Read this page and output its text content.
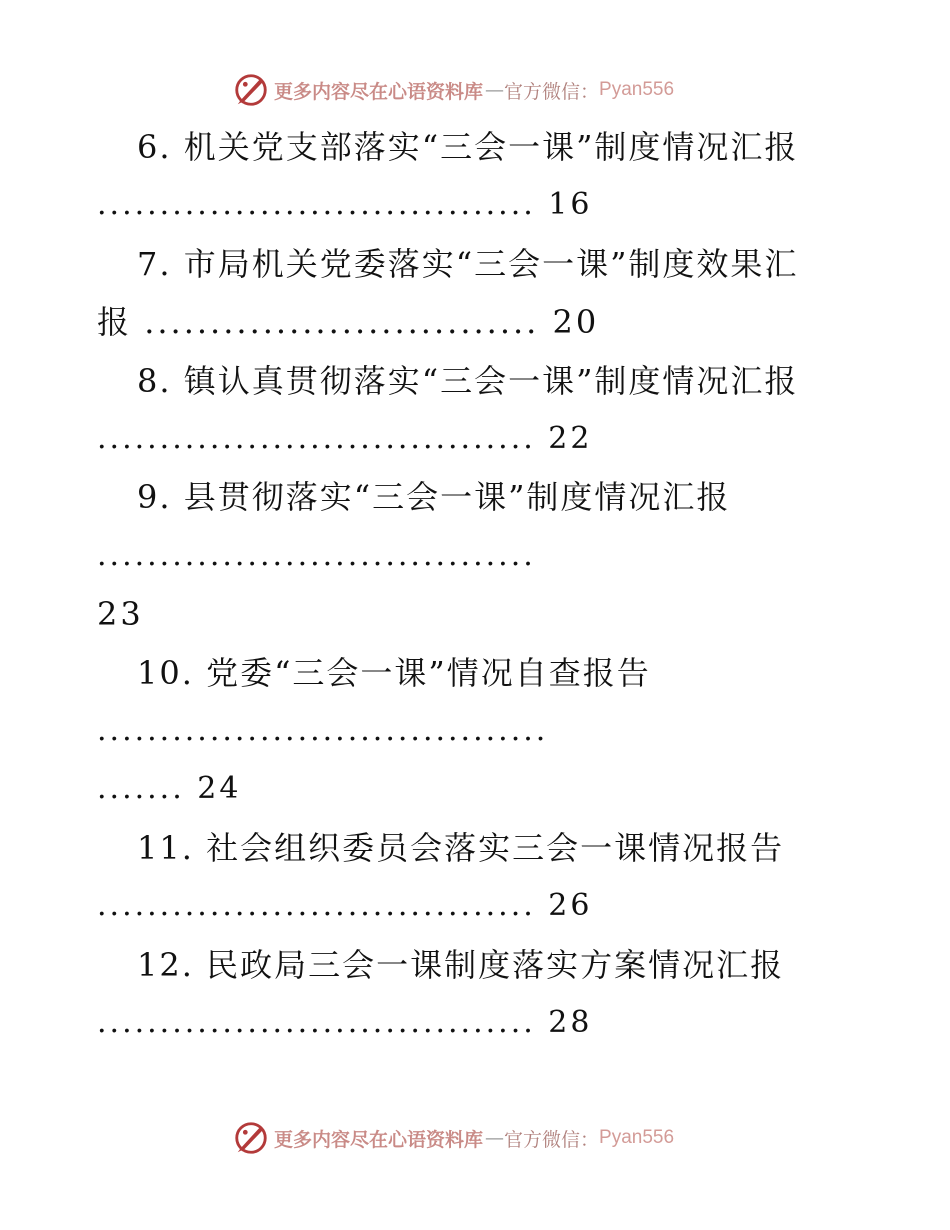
更多内容尽在心语资料库 — 官方微信： Pyan556
6. 机关党支部落实“三会一课”制度情况汇报
................................... 16
7. 市局机关党委落实“三会一课”制度效果汇
报 .............................. 20
8. 镇认真贯彻落实“三会一课”制度情况汇报
................................... 22
9. 县贯彻落实“三会一课”制度情况汇报
...................................
23
10. 党委“三会一课”情况自查报告
....................................
....... 24
11. 社会组织委员会落实三会一课情况报告
................................... 26
12. 民政局三会一课制度落实方案情况汇报
................................... 28
更多内容尽在心语资料库 — 官方微信： Pyan556
